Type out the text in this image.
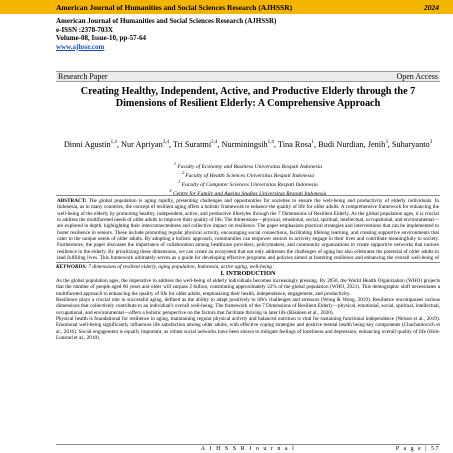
American Journal of Humanities and Social Sciences Research (AJHSSR)	2024
American Journal of Humanities and Social Sciences Research (AJHSSR)
e-ISSN :2378-703X
Volume-08, Issue-10, pp-57-64
www.ajhssr.com
Research Paper	Open Access
Creating Healthy, Independent, Active, and Productive Elderly through the 7 Dimensions of Resilient Elderly: A Comprehensive Approach
Dinni Agustin$^{1,4}$, Nur Apriyan$^{2,4}$, Tri Suratmi$^{2,4}$, Nurminingsih$^{1,4}$, Tina Rosa$^1$, Budi Nurdian, Jenih$^3$, Suharyanto$^3$
$^1$ Faculty of Economy and Business Universitas Respati Indonesia
$^2$ Faculty of Health Sciences Universitas Respati Indonesia
$^3$ Faculty of Computer Sciences Universitas Respati Indonesia
$^4$ Centre for Family and Ageing Studies Universitas Respati Indonesia
ABSTRACT: The global population is aging rapidly, presenting challenges and opportunities for societies to ensure the well-being and productivity of elderly individuals. In Indonesia, as in many countries, the concept of resilient aging offers a holistic framework to enhance the quality of life for older adults. A comprehensive framework for enhancing the well-being of the elderly by promoting healthy, independent, active, and productive lifestyles through the 7 Dimensions of Resilient Elderly. As the global population ages, it is crucial to address the multifaceted needs of older adults to improve their quality of life. The dimensions—physical, emotional, social, spiritual, intellectual, occupational, and environmental—are explored in depth, highlighting their interconnectedness and collective impact on resilience. The paper emphasizes practical strategies and interventions that can be implemented to foster resilience in seniors. These include promoting regular physical activity, encouraging social connections, facilitating lifelong learning, and creating supportive environments that cater to the unique needs of older adults. By adopting a holistic approach, communities can empower seniors to actively engage in their lives and contribute meaningfully to society. Furthermore, the paper discusses the importance of collaboration among healthcare providers, policymakers, and community organizations to create supportive networks that nurture resilience in the elderly. By prioritizing these dimensions, we can create an ecosystem that not only addresses the challenges of aging but also celebrates the potential of older adults to lead fulfilling lives. This framework ultimately serves as a guide for developing effective programs and policies aimed at fostering resilience and enhancing the overall well-being of
KEYWORDS: 7 dimensions of resilient elderly, aging population, Indonesia, active aging, well-being
I. INTRODUCTION

As the global population ages, the imperative to address the well-being of elderly individuals becomes increasingly pressing. By 2050, the World Health Organization (WHO) projects that the number of people aged 60 years and older will surpass 2 billion, constituting approximately 22% of the global population (WHO, 2021). This demographic shift necessitates a multifaceted approach to enhancing the quality of life for older adults, emphasizing their health, independence, engagement, and productivity.

Resilience plays a crucial role in successful aging, defined as the ability to adapt positively to life's challenges and stressors (Wong & Wong, 2019). Resilience encompasses various dimensions that collectively contribute to an individual's overall well-being. The framework of the 7 Dimensions of Resilient Elderly—physical, emotional, social, spiritual, intellectual, occupational, and environmental—offers a holistic perspective on the factors that facilitate thriving in later life (Räsänen et al., 2020).

Physical health is foundational for resilience in aging, maintaining regular physical activity and balanced nutrition is vital for sustaining functional independence (Nelson et al., 2019). Emotional well-being significantly influences life satisfaction among older adults, with effective coping strategies and positive mental health being key components (Chachamovich et al., 2016). Social engagement is equally important, as robust social networks have been shown to mitigate feelings of loneliness and depression, enhancing overall quality of life (Holt-Lunstad et al., 2010).

A J H S S R J o u r n a l	P a g e | 57
